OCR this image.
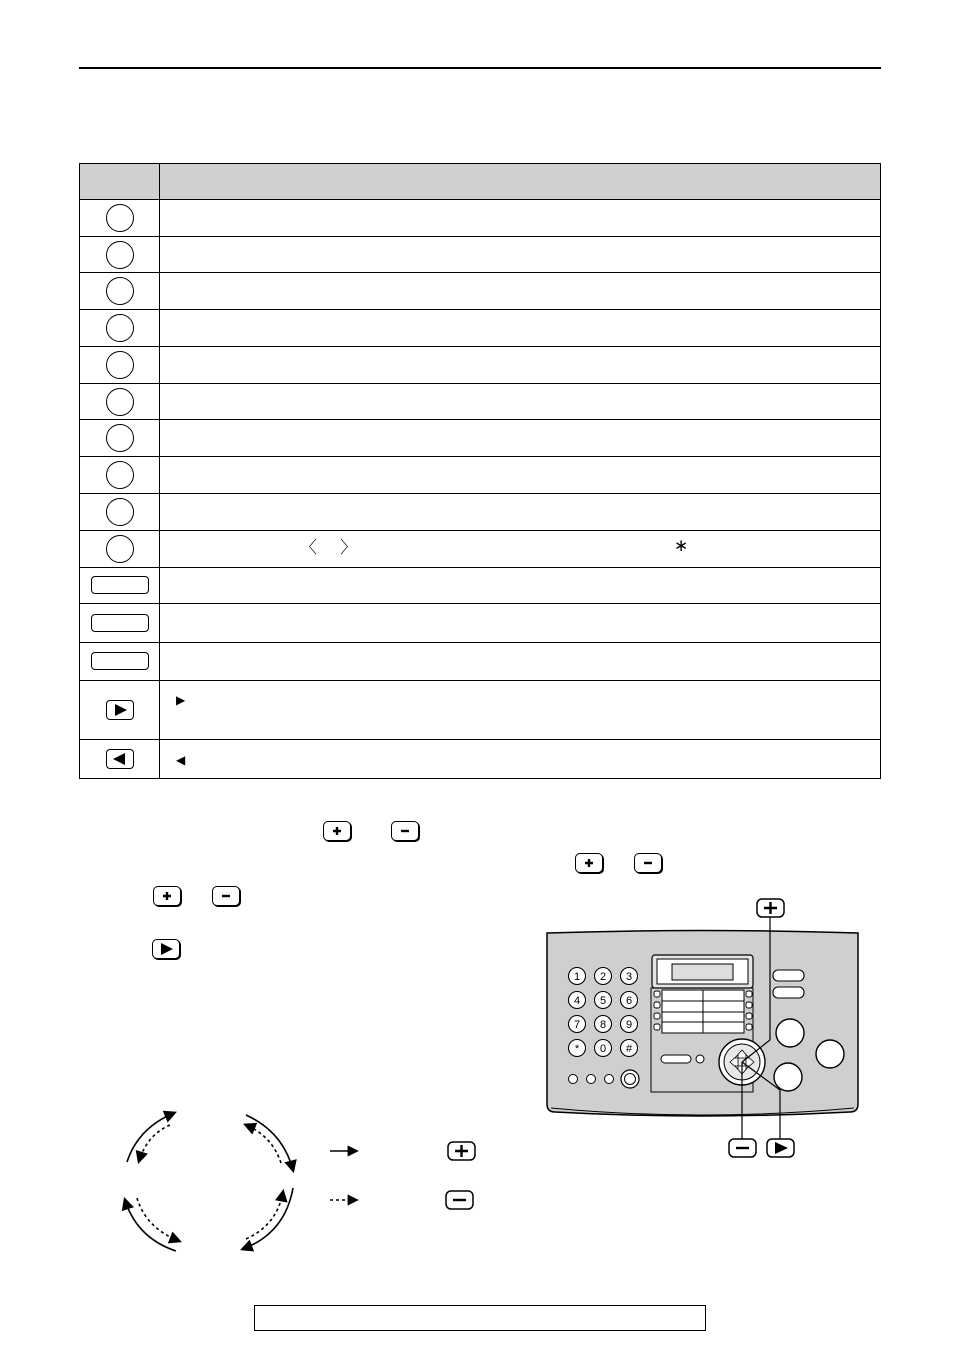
	〈 〉 ∗

	▶
	◀
1 2 3
4 5 6
7 8 9
* 0 #
